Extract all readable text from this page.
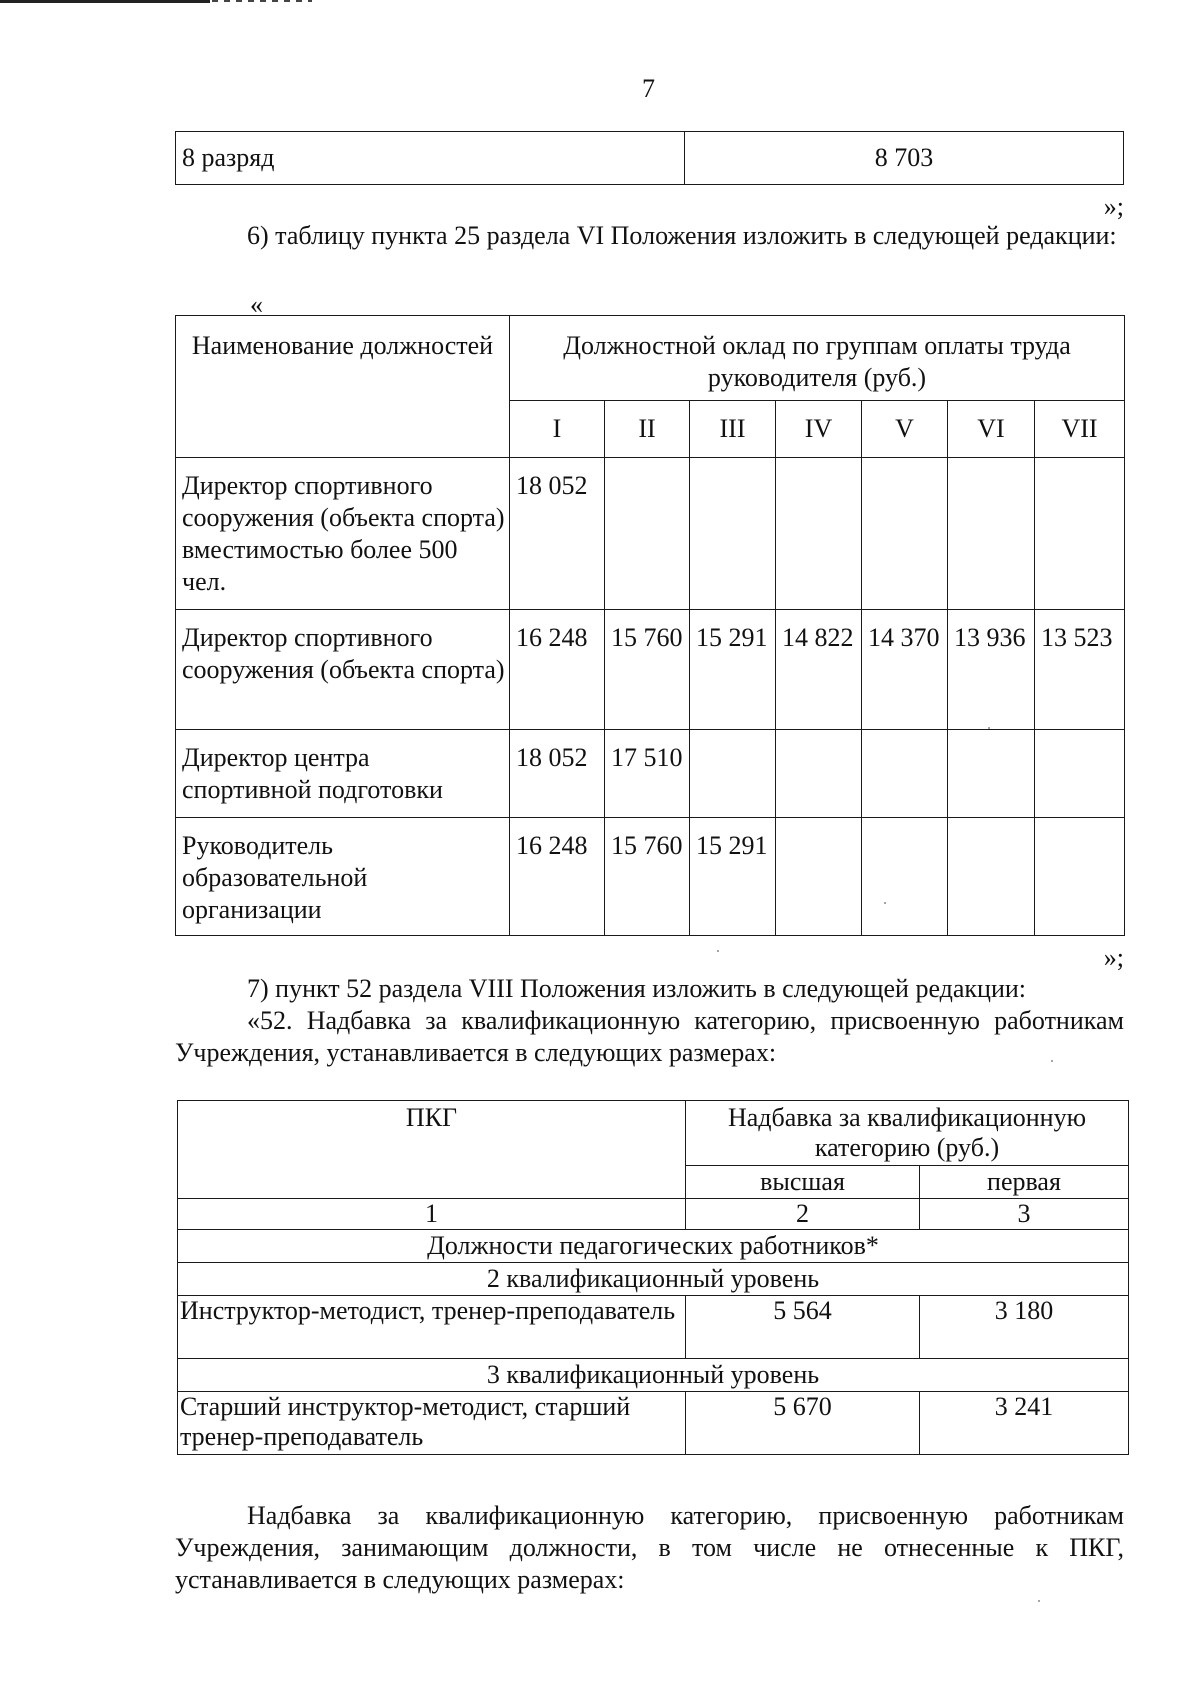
7
8 разряд	8 703
»;
6) таблицу пункта 25 раздела VI Положения изложить в следующей редакции:
«
Наименование должностей	Должностной оклад по группам оплаты труда руководителя (руб.)						
	I	II	III	IV	V	VI	VII
Директор спортивного сооружения (объекта спорта) вместимостью более 500 чел.	18 052						
Директор спортивного сооружения (объекта спорта)	16 248	15 760	15 291	14 822	14 370	13 936	13 523
Директор центра спортивной подготовки	18 052	17 510					
Руководитель образовательной организации	16 248	15 760	15 291				
»;
7) пункт 52 раздела VIII Положения изложить в следующей редакции:
«52. Надбавка за квалификационную категорию, присвоенную работникам Учреждения, устанавливается в следующих размерах:
ПКГ	Надбавка за квалификационную категорию (руб.)	
	высшая	первая
1	2	3
Должности педагогических работников*		
2 квалификационный уровень		
Инструктор-методист, тренер-преподаватель	5 564	3 180
3 квалификационный уровень		
Старший инструктор-методист, старший тренер-преподаватель	5 670	3 241
Надбавка за квалификационную категорию, присвоенную работникам Учреждения, занимающим должности, в том числе не отнесенные к ПКГ, устанавливается в следующих размерах:
